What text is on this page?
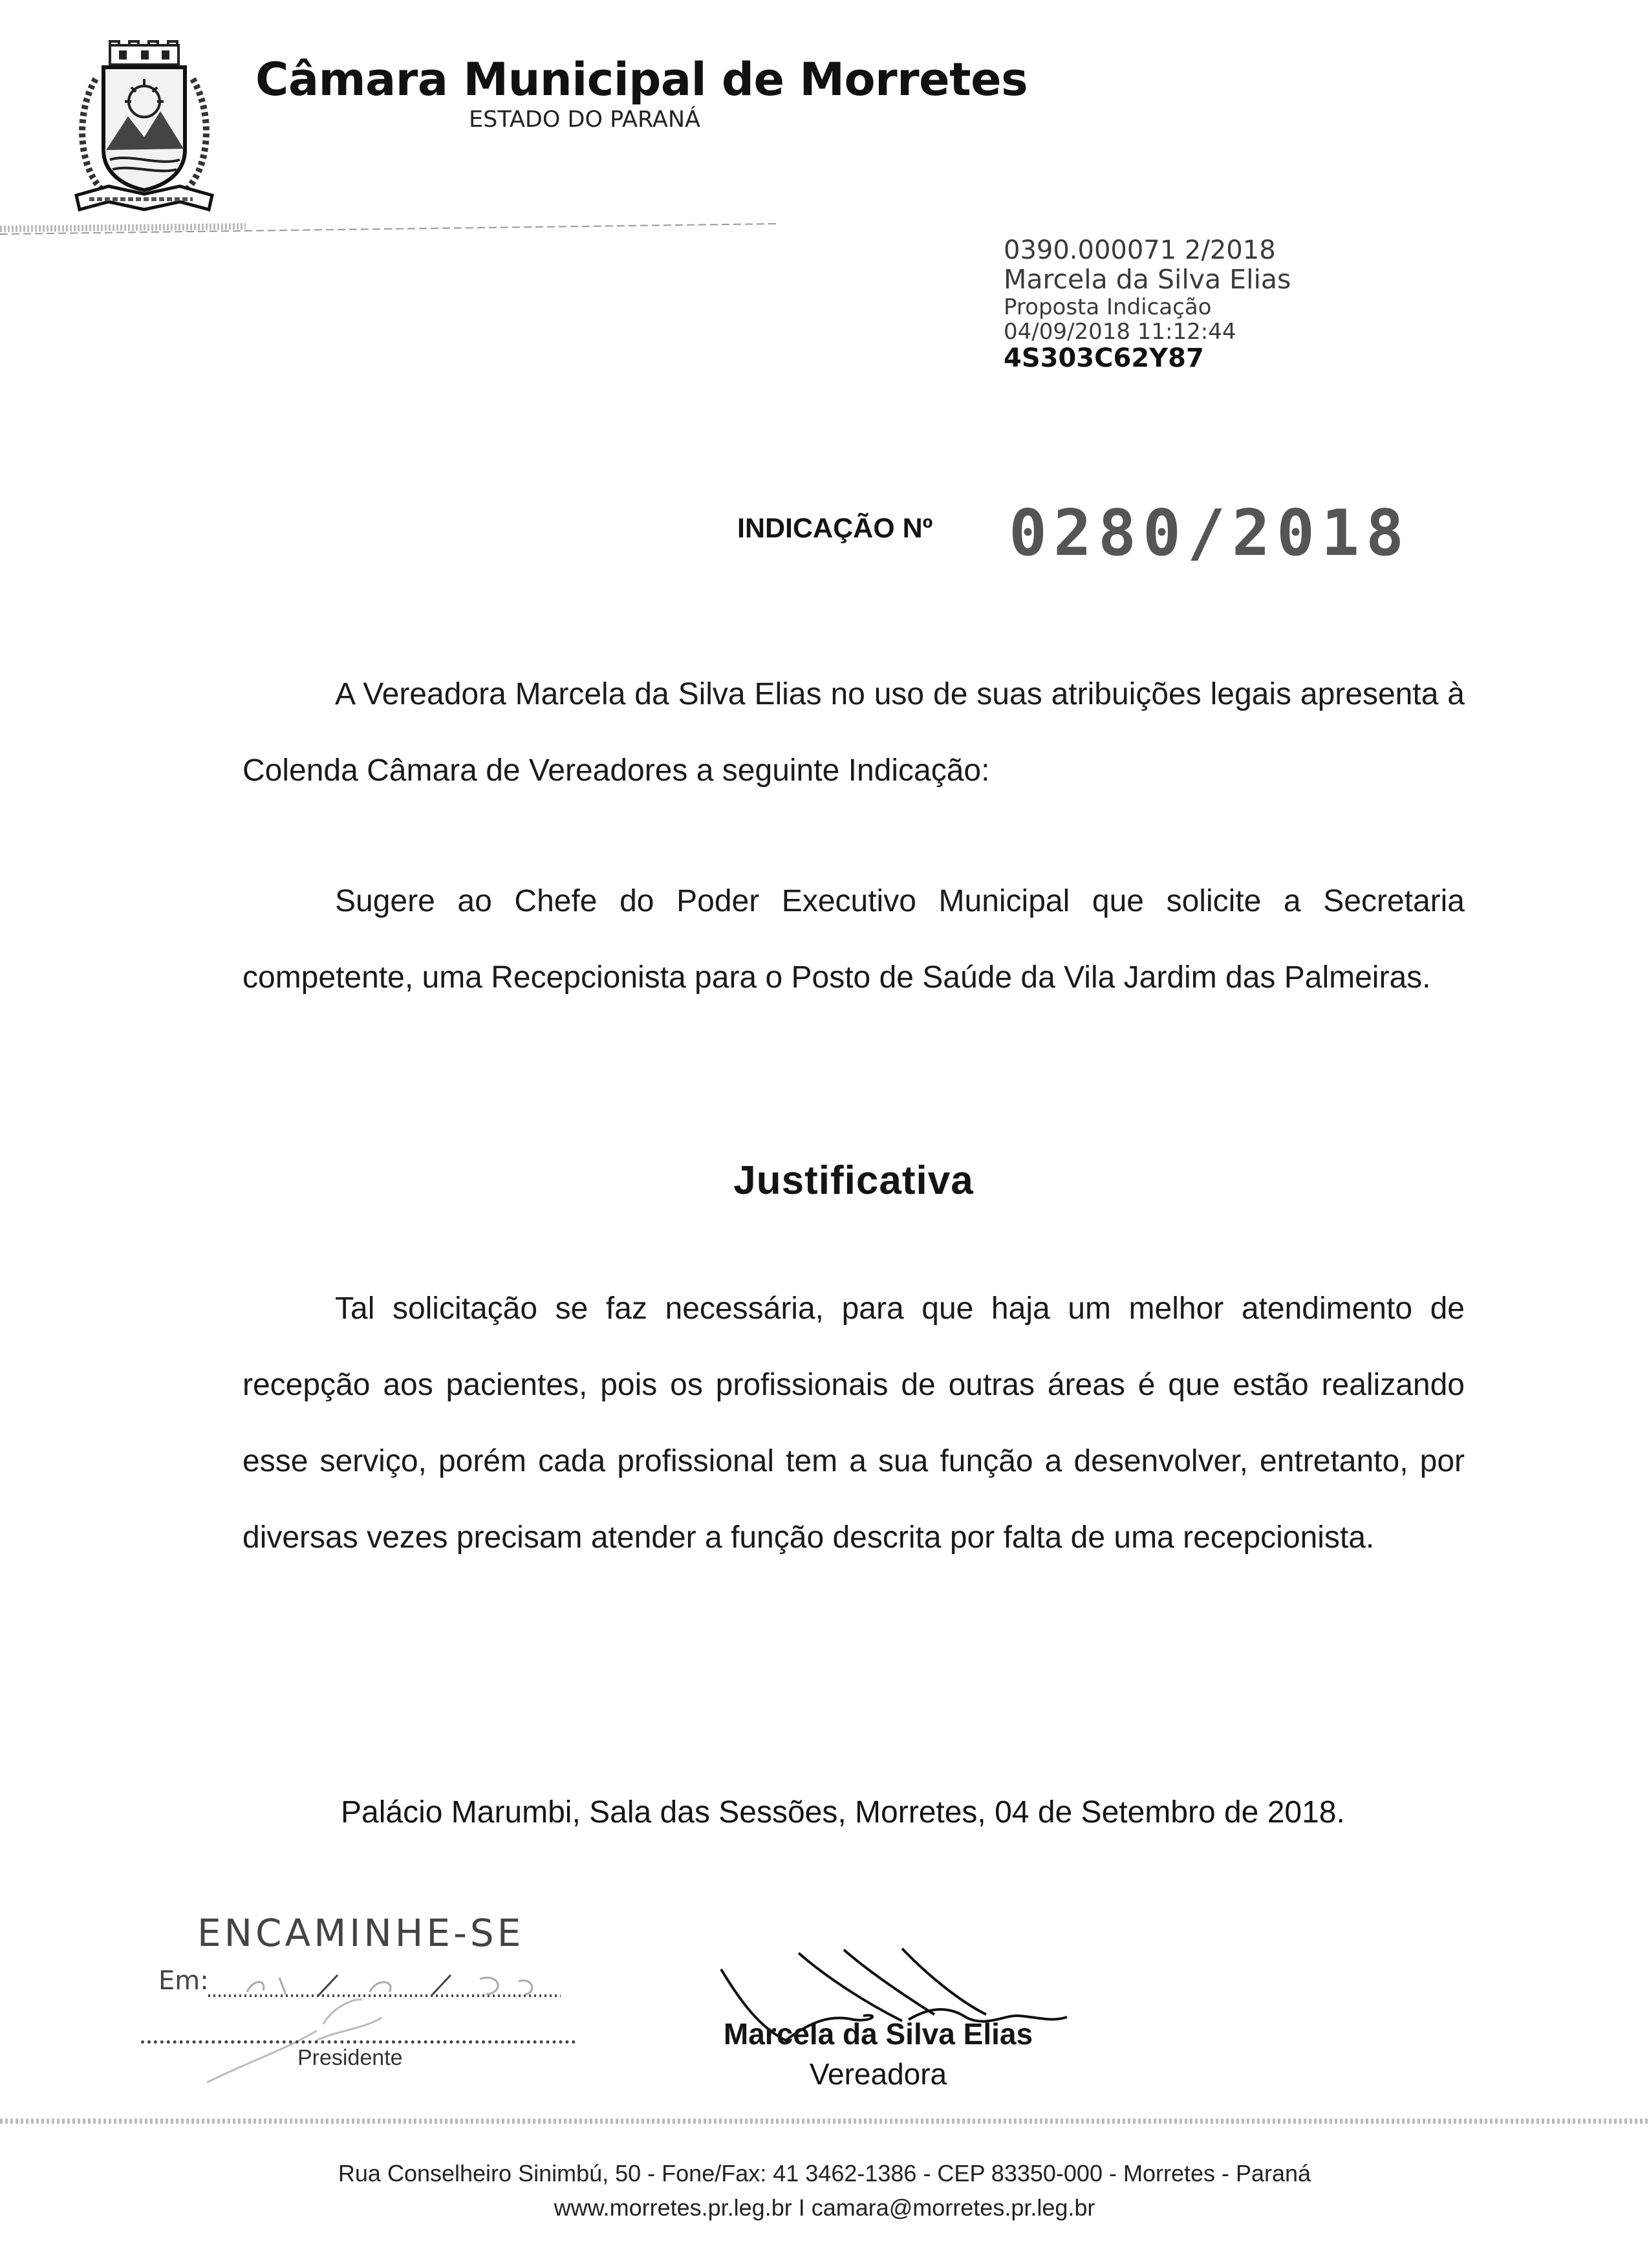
Câmara Municipal de Morretes
ESTADO DO PARANÁ
0390.000071 2/2018
Marcela da Silva Elias
Proposta Indicação
04/09/2018 11:12:44
4S303C62Y87
INDICAÇÃO Nº 0280/2018

A Vereadora Marcela da Silva Elias no uso de suas atribuições legais apresenta à Colenda Câmara de Vereadores a seguinte Indicação:

Sugere ao Chefe do Poder Executivo Municipal que solicite a Secretaria competente, uma Recepcionista para o Posto de Saúde da Vila Jardim das Palmeiras.

Justificativa

Tal solicitação se faz necessária, para que haja um melhor atendimento de recepção aos pacientes, pois os profissionais de outras áreas é que estão realizando esse serviço, porém cada profissional tem a sua função a desenvolver, entretanto, por diversas vezes precisam atender a função descrita por falta de uma recepcionista.

Palácio Marumbi, Sala das Sessões, Morretes, 04 de Setembro de 2018.
ENCAMINHE-SE
Em:
Presidente
Marcela da Silva Elias
Vereadora
Rua Conselheiro Sinimbú, 50 - Fone/Fax: 41 3462-1386 - CEP 83350-000 - Morretes - Paraná
www.morretes.pr.leg.br I camara@morretes.pr.leg.br
